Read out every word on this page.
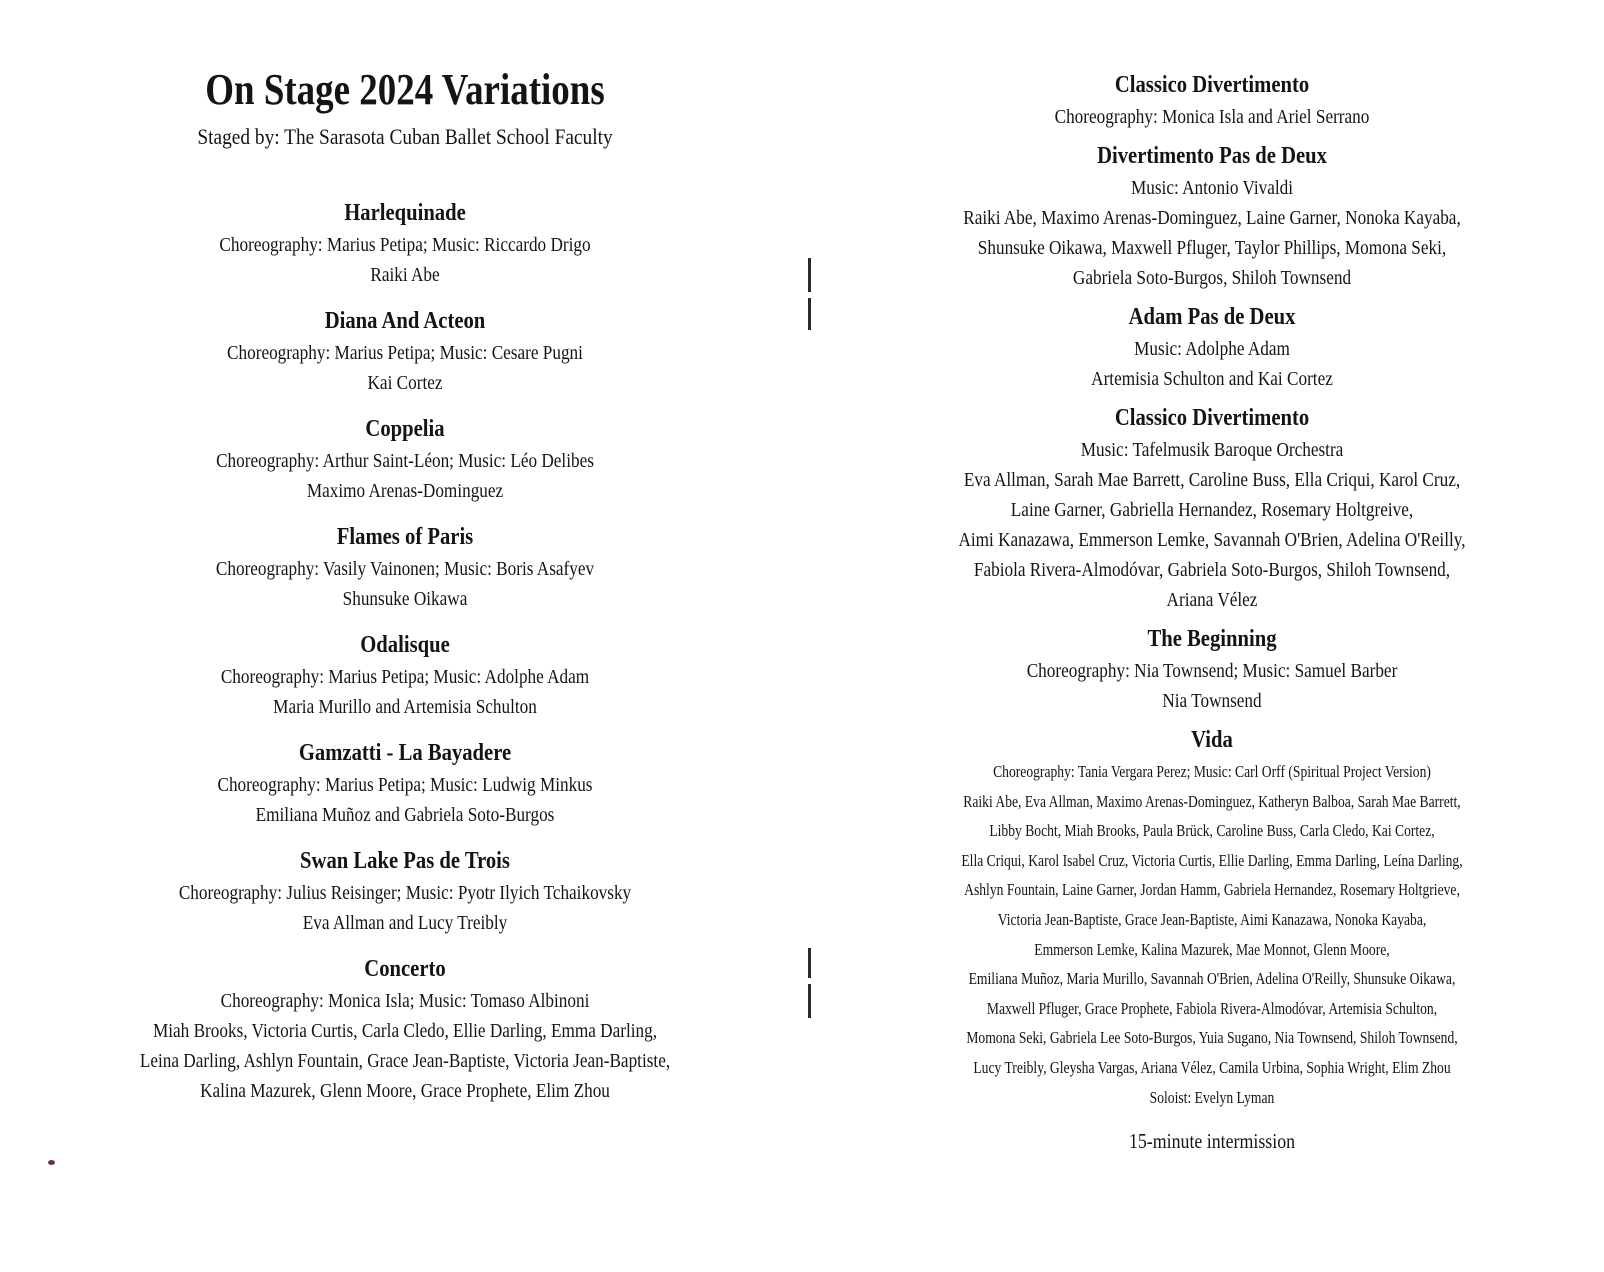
On Stage 2024 Variations
Staged by: The Sarasota Cuban Ballet School Faculty
Harlequinade
Choreography: Marius Petipa; Music: Riccardo Drigo
Raiki Abe
Diana And Acteon
Choreography: Marius Petipa; Music: Cesare Pugni
Kai Cortez
Coppelia
Choreography: Arthur Saint-Léon; Music: Léo Delibes
Maximo Arenas-Dominguez
Flames of Paris
Choreography: Vasily Vainonen; Music: Boris Asafyev
Shunsuke Oikawa
Odalisque
Choreography: Marius Petipa; Music: Adolphe Adam
Maria Murillo and Artemisia Schulton
Gamzatti - La Bayadere
Choreography: Marius Petipa; Music: Ludwig Minkus
Emiliana Muñoz and Gabriela Soto-Burgos
Swan Lake Pas de Trois
Choreography: Julius Reisinger; Music: Pyotr Ilyich Tchaikovsky
Eva Allman and Lucy Treibly
Concerto
Choreography: Monica Isla; Music: Tomaso Albinoni
Miah Brooks, Victoria Curtis, Carla Cledo, Ellie Darling, Emma Darling,
Leina Darling, Ashlyn Fountain, Grace Jean-Baptiste, Victoria Jean-Baptiste,
Kalina Mazurek, Glenn Moore, Grace Prophete, Elim Zhou
Classico Divertimento
Choreography: Monica Isla and Ariel Serrano
Divertimento Pas de Deux
Music: Antonio Vivaldi
Raiki Abe, Maximo Arenas-Dominguez, Laine Garner, Nonoka Kayaba,
Shunsuke Oikawa, Maxwell Pfluger, Taylor Phillips, Momona Seki,
Gabriela Soto-Burgos, Shiloh Townsend
Adam Pas de Deux
Music: Adolphe Adam
Artemisia Schulton and Kai Cortez
Classico Divertimento
Music: Tafelmusik Baroque Orchestra
Eva Allman, Sarah Mae Barrett, Caroline Buss, Ella Criqui, Karol Cruz,
Laine Garner, Gabriella Hernandez, Rosemary Holtgreive,
Aimi Kanazawa, Emmerson Lemke, Savannah O'Brien, Adelina O'Reilly,
Fabiola Rivera-Almodóvar, Gabriela Soto-Burgos, Shiloh Townsend,
Ariana Vélez
The Beginning
Choreography: Nia Townsend; Music: Samuel Barber
Nia Townsend
Vida
Choreography: Tania Vergara Perez; Music: Carl Orff (Spiritual Project Version)
Raiki Abe, Eva Allman, Maximo Arenas-Dominguez, Katheryn Balboa, Sarah Mae Barrett,
Libby Bocht, Miah Brooks, Paula Brück, Caroline Buss, Carla Cledo, Kai Cortez,
Ella Criqui, Karol Isabel Cruz, Victoria Curtis, Ellie Darling, Emma Darling, Leína Darling,
Ashlyn Fountain, Laine Garner, Jordan Hamm, Gabriela Hernandez, Rosemary Holtgrieve,
Victoria Jean-Baptiste, Grace Jean-Baptiste, Aimi Kanazawa, Nonoka Kayaba,
Emmerson Lemke, Kalina Mazurek, Mae Monnot, Glenn Moore,
Emiliana Muñoz, Maria Murillo, Savannah O'Brien, Adelina O'Reilly, Shunsuke Oikawa,
Maxwell Pfluger, Grace Prophete, Fabiola Rivera-Almodóvar, Artemisia Schulton,
Momona Seki, Gabriela Lee Soto-Burgos, Yuia Sugano, Nia Townsend, Shiloh Townsend,
Lucy Treibly, Gleysha Vargas, Ariana Vélez, Camila Urbina, Sophia Wright, Elim Zhou
Soloist: Evelyn Lyman
15-minute intermission
